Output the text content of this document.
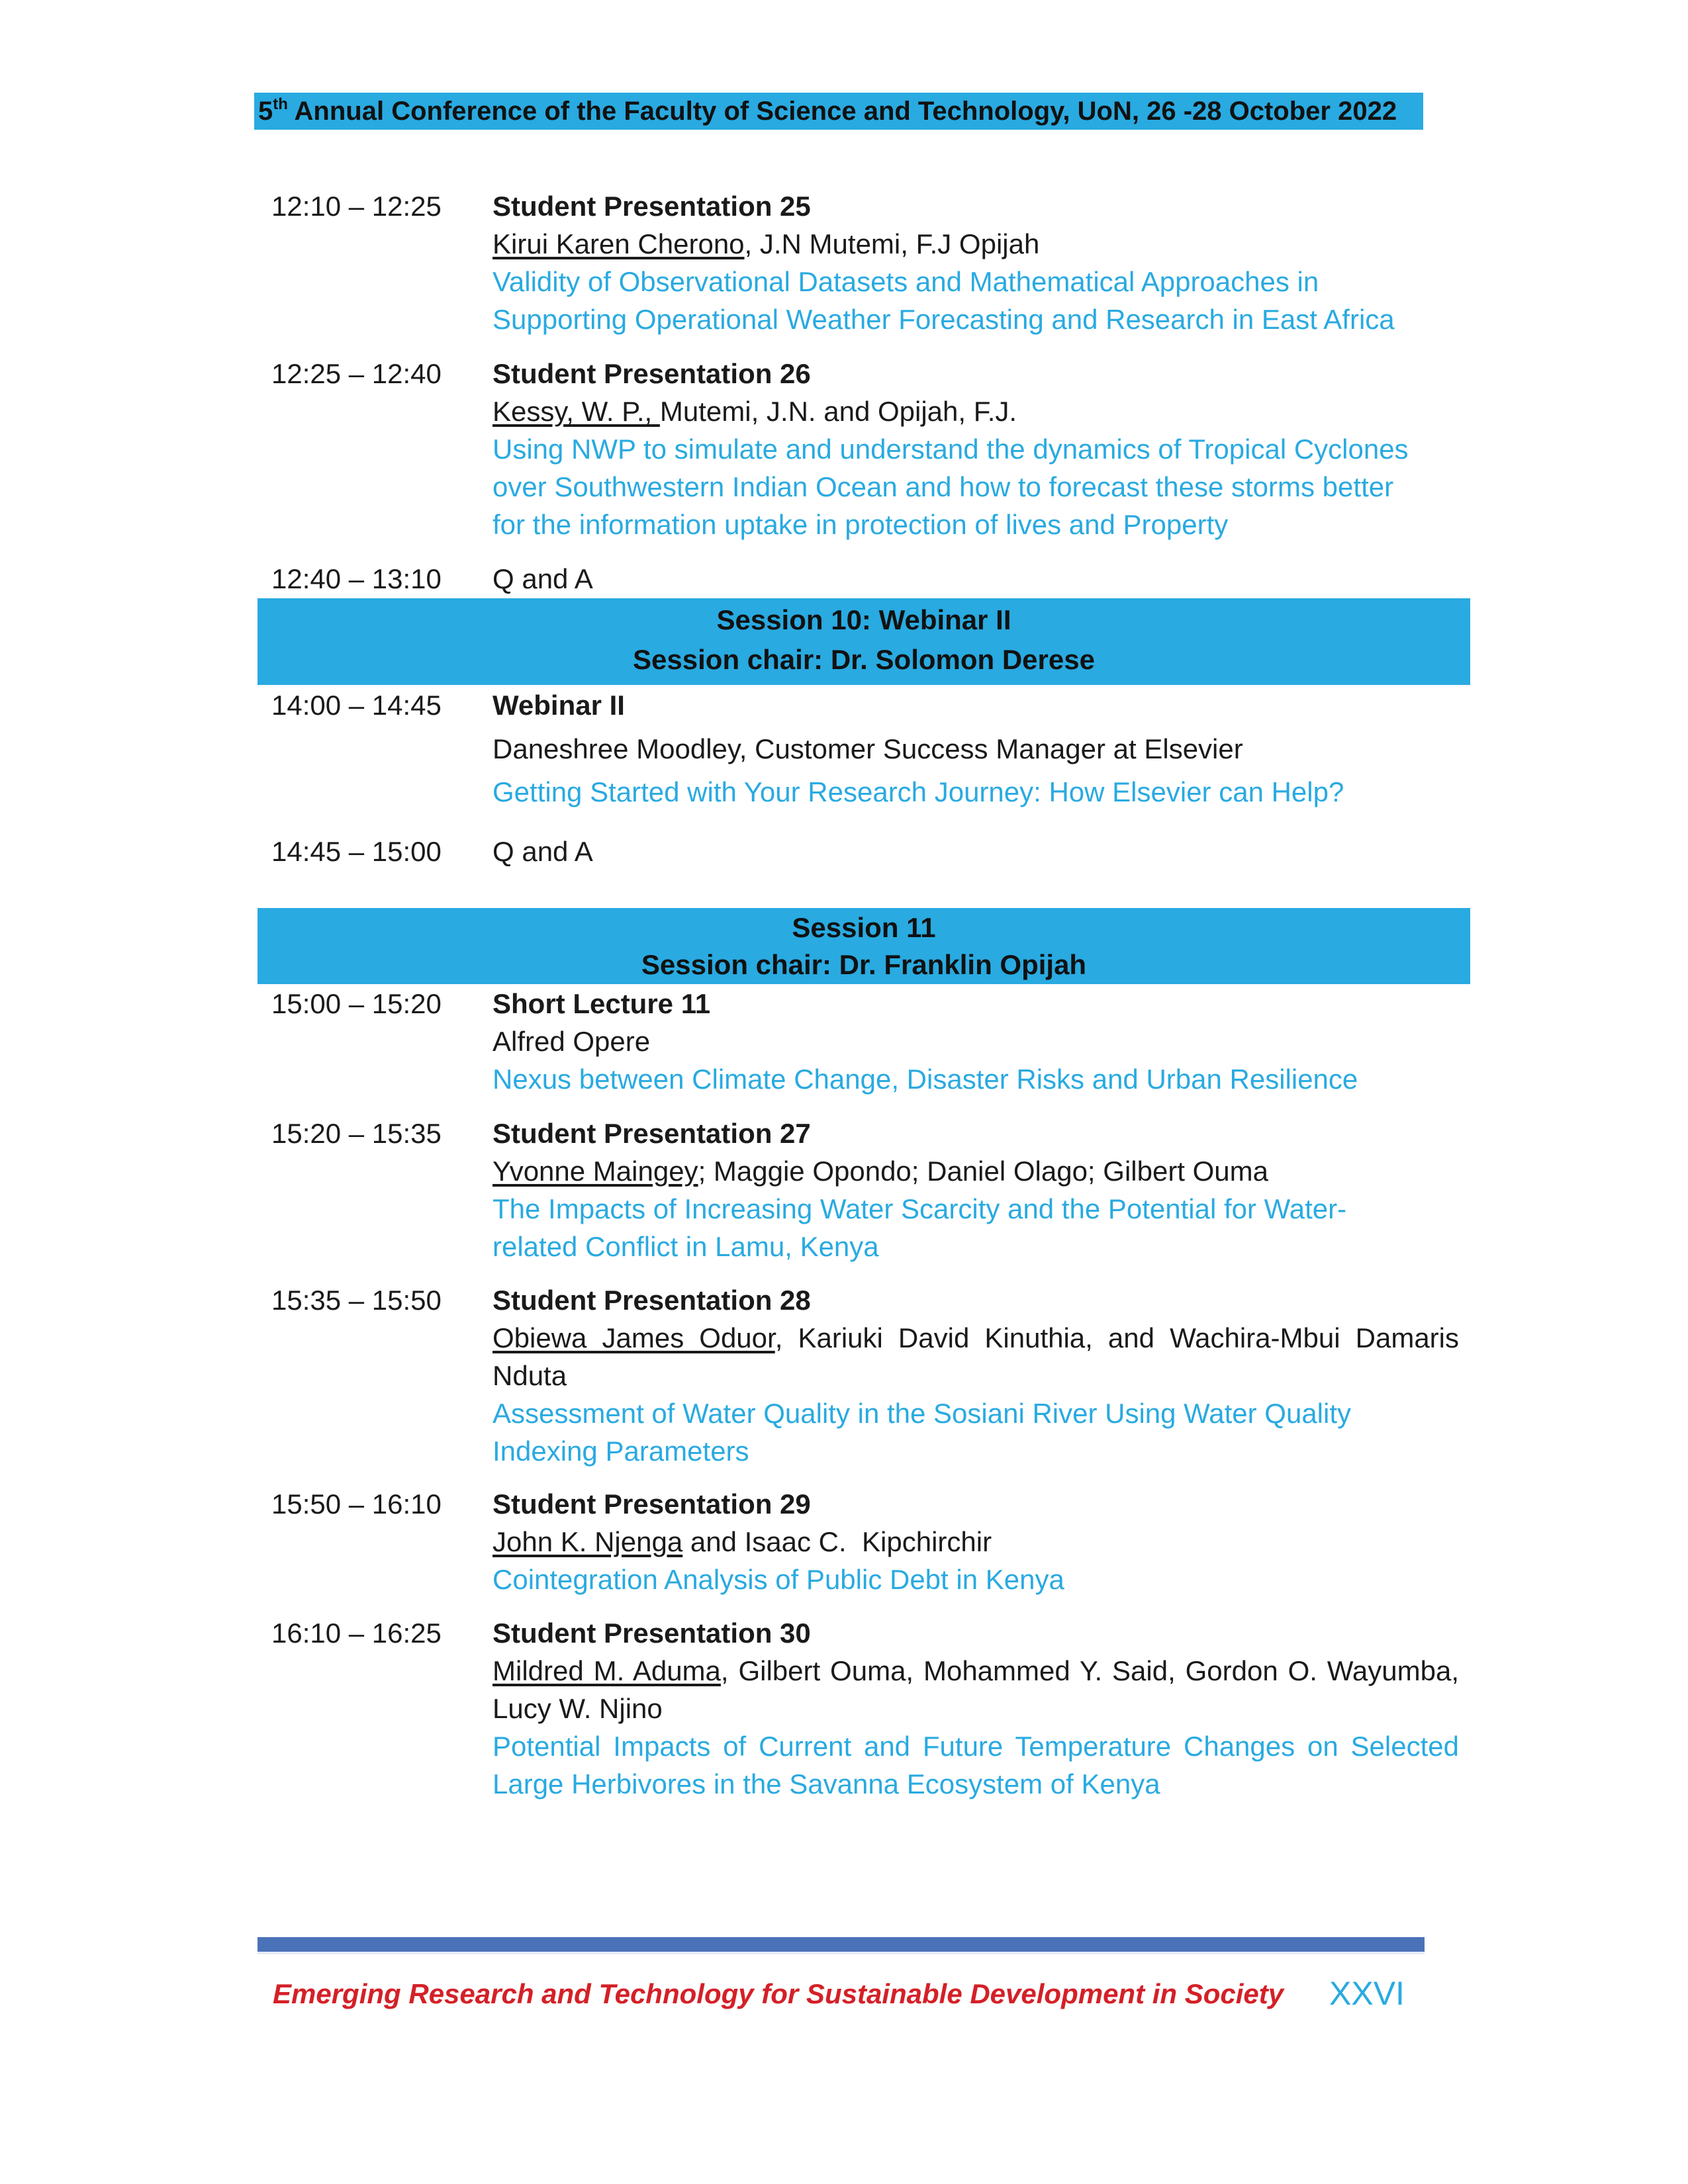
5th Annual Conference of the Faculty of Science and Technology, UoN, 26 -28 October 2022
12:10 – 12:25	Student Presentation 25
Kirui Karen Cherono, J.N Mutemi, F.J Opijah
Validity of Observational Datasets and Mathematical Approaches in
Supporting Operational Weather Forecasting and Research in East Africa
12:25 – 12:40	Student Presentation 26
Kessy, W. P., Mutemi, J.N. and Opijah, F.J.
Using NWP to simulate and understand the dynamics of Tropical Cyclones
over Southwestern Indian Ocean and how to forecast these storms better
for the information uptake in protection of lives and Property
12:40 – 13:10	Q and A
Session 10: Webinar II
Session chair: Dr. Solomon Derese
14:00 – 14:45	Webinar II
Daneshree Moodley, Customer Success Manager at Elsevier
Getting Started with Your Research Journey: How Elsevier can Help?
14:45 – 15:00	Q and A
Session 11
Session chair: Dr. Franklin Opijah
15:00 – 15:20	Short Lecture 11
Alfred Opere
Nexus between Climate Change, Disaster Risks and Urban Resilience
15:20 – 15:35	Student Presentation 27
Yvonne Maingey; Maggie Opondo; Daniel Olago; Gilbert Ouma
The Impacts of Increasing Water Scarcity and the Potential for Water-
related Conflict in Lamu, Kenya
15:35 – 15:50	Student Presentation 28
Obiewa James Oduor, Kariuki David Kinuthia, and Wachira-Mbui Damaris Nduta
Assessment of Water Quality in the Sosiani River Using Water Quality
Indexing Parameters
15:50 – 16:10	Student Presentation 29
John K. Njenga and Isaac C.  Kipchirchir
Cointegration Analysis of Public Debt in Kenya
16:10 – 16:25	Student Presentation 30
Mildred M. Aduma, Gilbert Ouma, Mohammed Y. Said, Gordon O. Wayumba, Lucy W. Njino
Potential Impacts of Current and Future Temperature Changes on Selected Large Herbivores in the Savanna Ecosystem of Kenya
Emerging Research and Technology for Sustainable Development in Society XXVI
